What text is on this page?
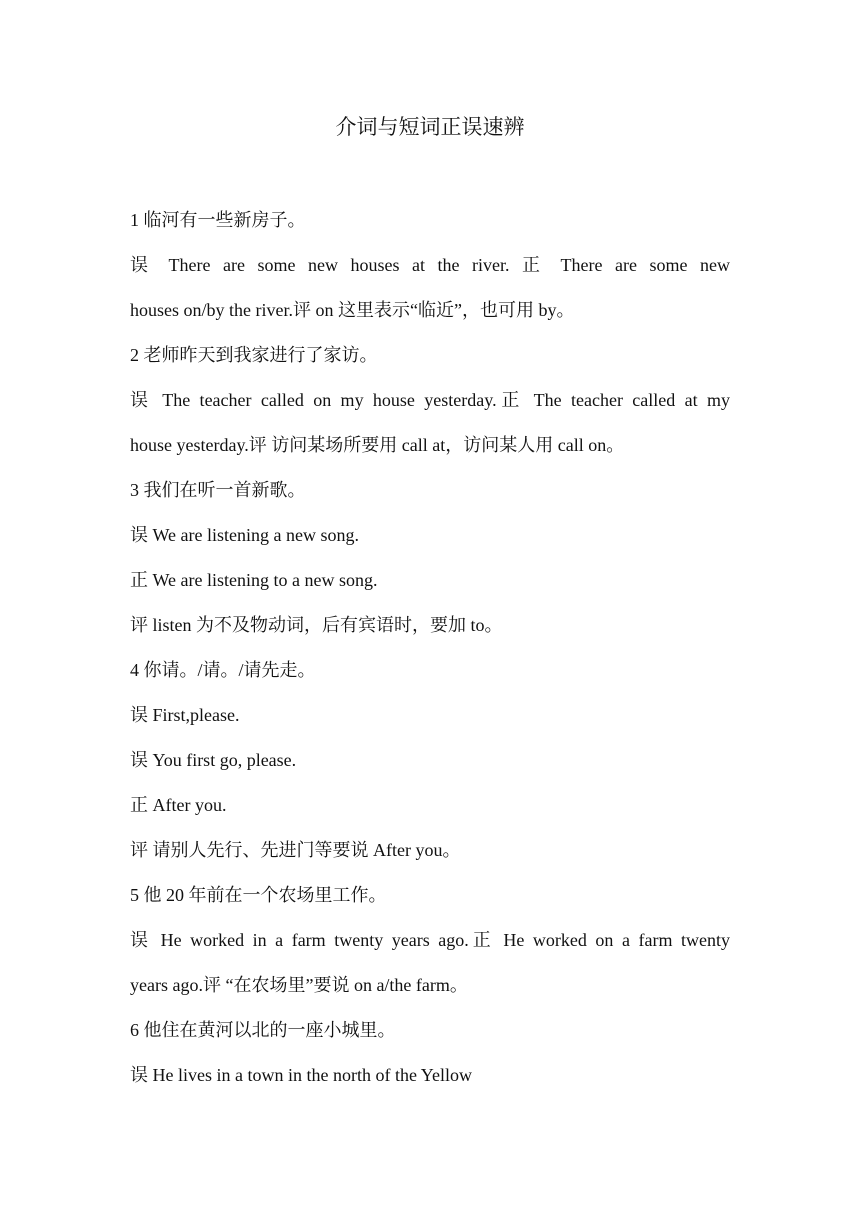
介词与短词正误速辨

1 临河有一些新房子。

误 There are some new houses at the river. 正 There are some new

houses on/by the river.评 on 这里表示“临近”，也可用 by。

2 老师昨天到我家进行了家访。

误 The teacher called on my house yesterday.正 The teacher called at my

house yesterday.评 访问某场所要用 call at，访问某人用 call on。

3 我们在听一首新歌。

误 We are listening a new song.

正 We are listening to a new song.

评 listen 为不及物动词，后有宾语时，要加 to。

4 你请。/请。/请先走。

误 First,please.

误 You first go, please.

正 After you.

评 请别人先行、先进门等要说 After you。

5 他 20 年前在一个农场里工作。

误 He worked in a farm twenty years ago.正 He worked on a farm twenty

years ago.评 “在农场里”要说 on a/the farm。

6 他住在黄河以北的一座小城里。

误 He lives in a town in the north of the Yellow
